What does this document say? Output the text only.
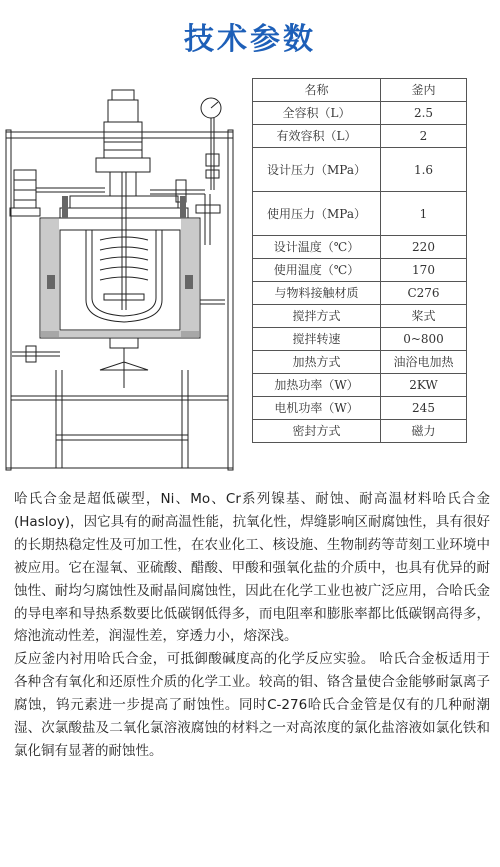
技术参数
名称	釜内
全容积（L）	2.5
有效容积（L）	2
设计压力（MPa）	1.6
使用压力（MPa）	1
设计温度（℃）	220
使用温度（℃）	170
与物料接触材质	C276
搅拌方式	桨式
搅拌转速	0~800
加热方式	油浴电加热
加热功率（W）	2KW
电机功率（W）	245
密封方式	磁力

哈氏合金是超低碳型，Ni、Mo、Cr系列镍基、耐蚀、耐高温材料哈氏合金(Hasloy)，因它具有的耐高温性能，抗氧化性，焊缝影响区耐腐蚀性，具有很好的长期热稳定性及可加工性，在农业化工、核设施、生物制药等苛刻工业环境中被应用。它在湿氧、亚硫酸、醋酸、甲酸和强氧化盐的介质中，也具有优异的耐蚀性、耐均匀腐蚀性及耐晶间腐蚀性，因此在化学工业也被广泛应用，合哈氏金的导电率和导热系数要比低碳钢低得多，而电阻率和膨胀率都比低碳钢高得多，熔池流动性差，润湿性差，穿透力小，熔深浅。

反应釜内衬用哈氏合金，可抵御酸碱度高的化学反应实验。 哈氏合金板适用于各种含有氧化和还原性介质的化学工业。较高的钼、铬含量使合金能够耐氯离子腐蚀，钨元素进一步提高了耐蚀性。同时C-276哈氏合金管是仅有的几种耐潮湿、次氯酸盐及二氧化氯溶液腐蚀的材料之一对高浓度的氯化盐溶液如氯化铁和氯化铜有显著的耐蚀性。
